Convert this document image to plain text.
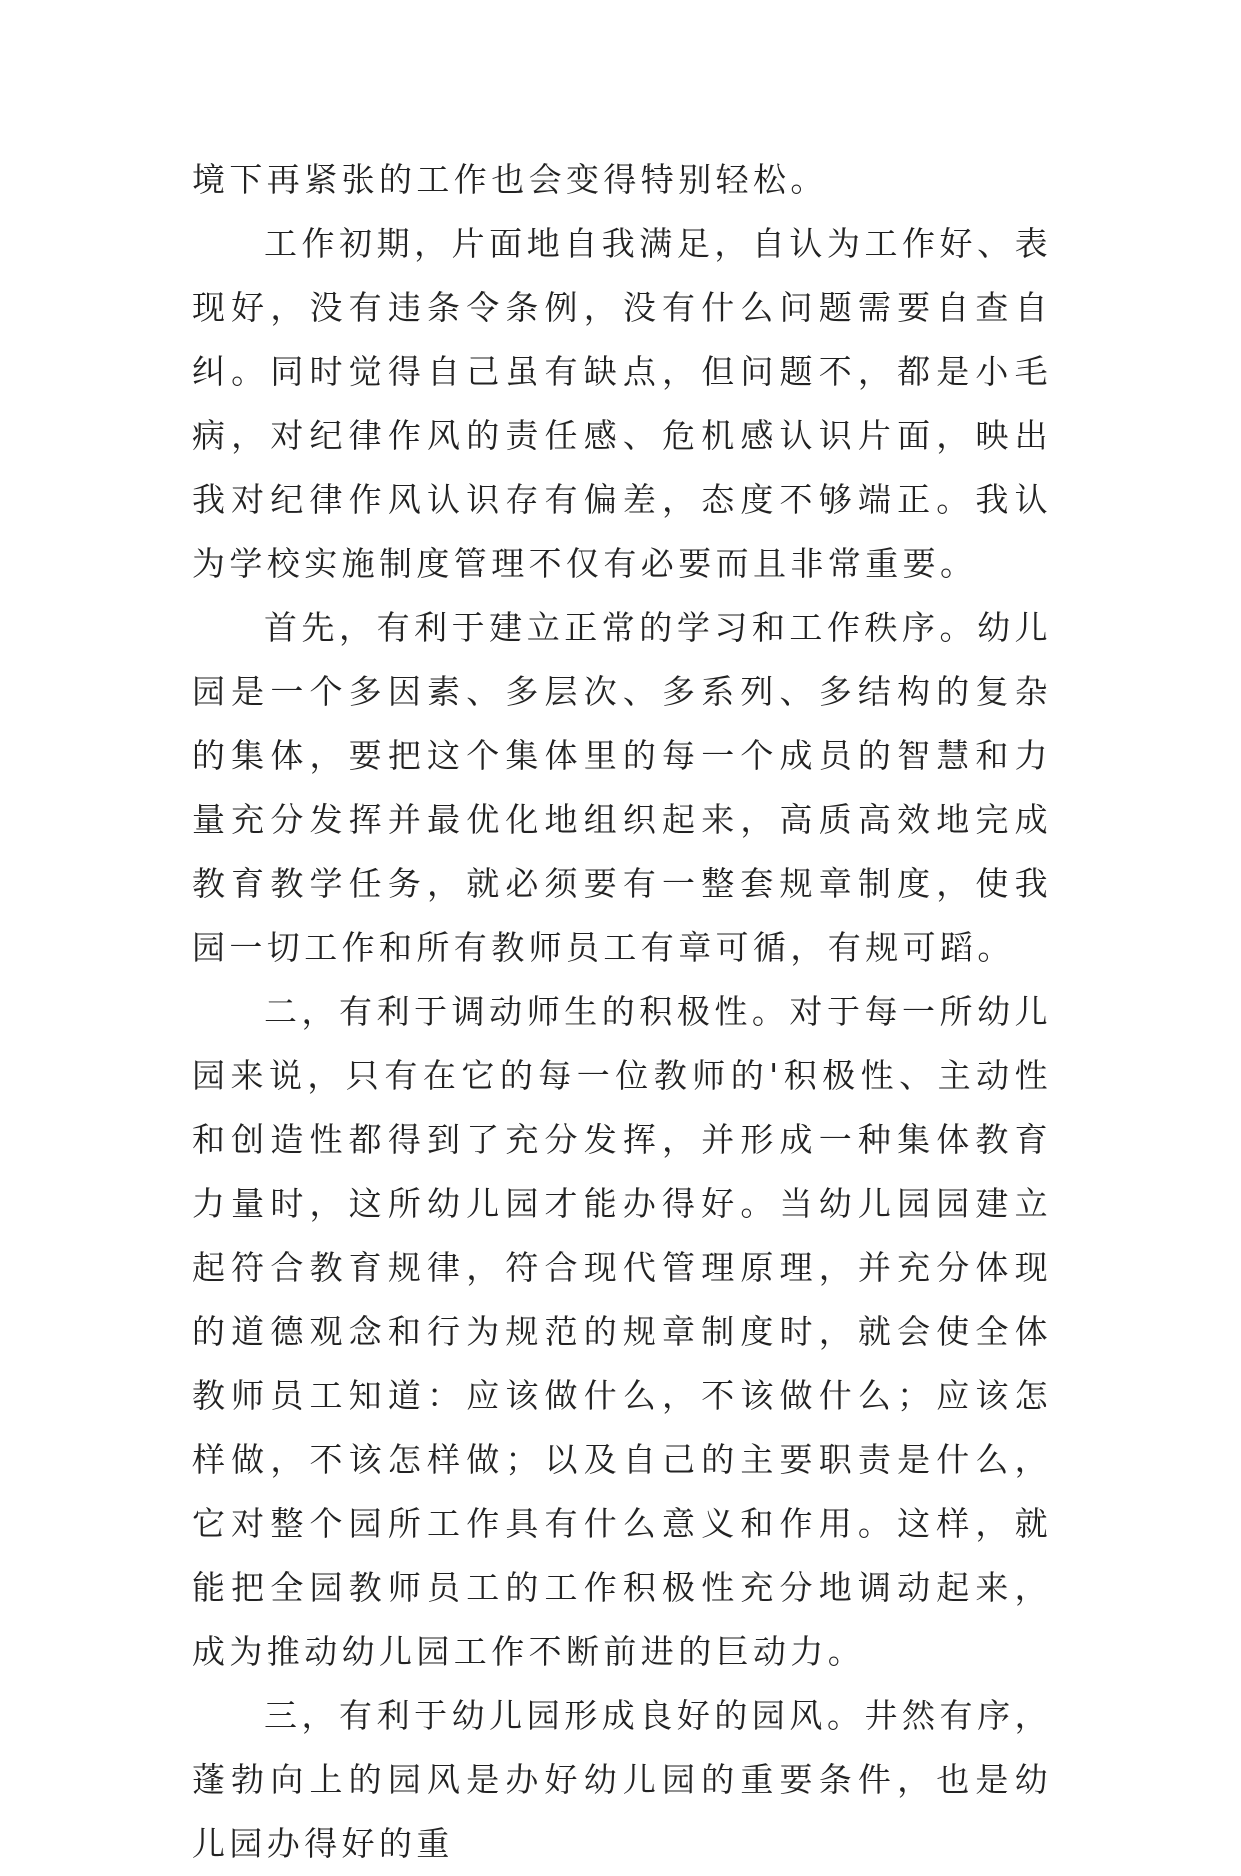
境下再紧张的工作也会变得特别轻松。

工作初期，片面地自我满足，自认为工作好、表现好，没有违条令条例，没有什么问题需要自查自纠。同时觉得自己虽有缺点，但问题不，都是小毛病，对纪律作风的责任感、危机感认识片面，映出我对纪律作风认识存有偏差，态度不够端正。我认为学校实施制度管理不仅有必要而且非常重要。

首先，有利于建立正常的学习和工作秩序。幼儿园是一个多因素、多层次、多系列、多结构的复杂的集体，要把这个集体里的每一个成员的智慧和力量充分发挥并最优化地组织起来，高质高效地完成教育教学任务，就必须要有一整套规章制度，使我园一切工作和所有教师员工有章可循，有规可蹈。

二，有利于调动师生的积极性。对于每一所幼儿园来说，只有在它的每一位教师的'积极性、主动性和创造性都得到了充分发挥，并形成一种集体教育力量时，这所幼儿园才能办得好。当幼儿园园建立起符合教育规律，符合现代管理原理，并充分体现的道德观念和行为规范的规章制度时，就会使全体教师员工知道：应该做什么，不该做什么；应该怎样做，不该怎样做；以及自己的主要职责是什么，它对整个园所工作具有什么意义和作用。这样，就能把全园教师员工的工作积极性充分地调动起来，成为推动幼儿园工作不断前进的巨动力。

三，有利于幼儿园形成良好的园风。井然有序，蓬勃向上的园风是办好幼儿园的重要条件，也是幼儿园办得好的重
